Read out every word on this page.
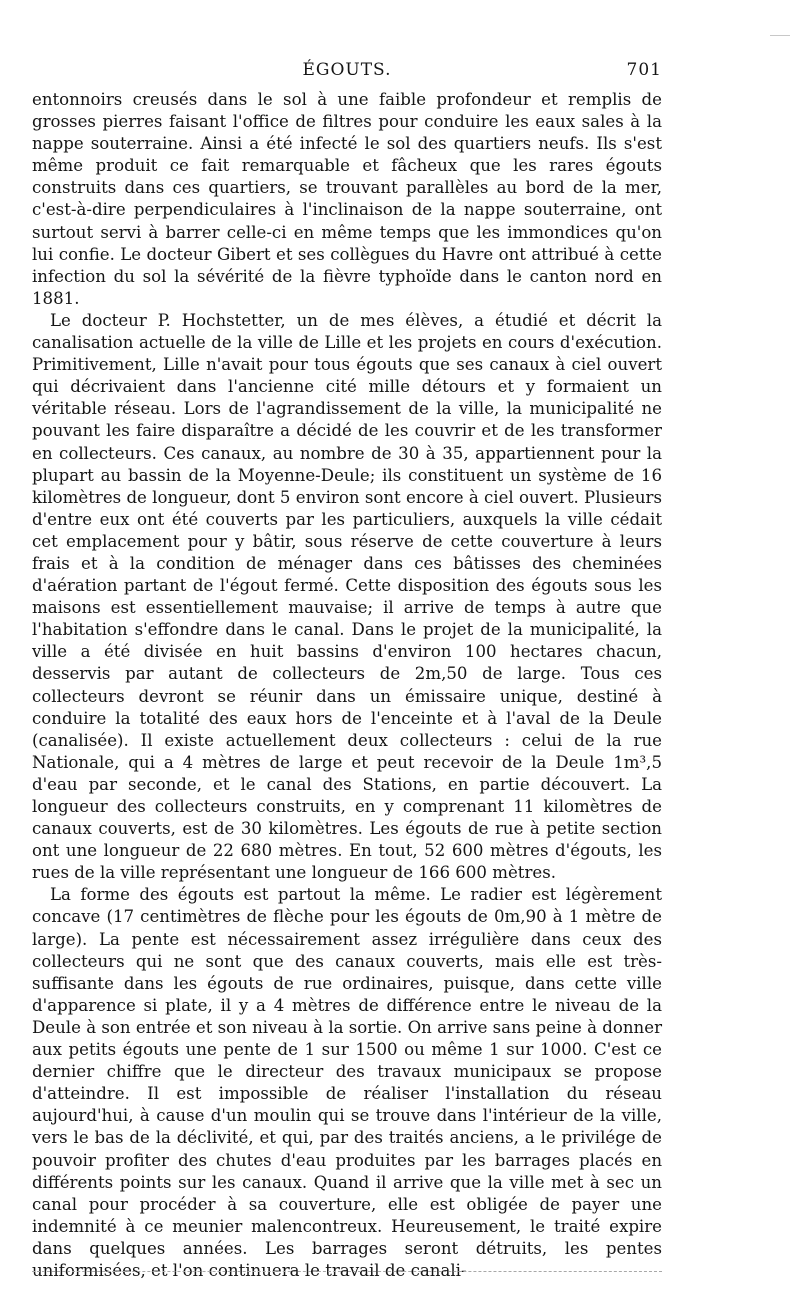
ÉGOUTS.	701

entonnoirs creusés dans le sol à une faible profondeur et remplis de grosses pierres faisant l'office de filtres pour conduire les eaux sales à la nappe souterraine. Ainsi a été infecté le sol des quartiers neufs. Ils s'est même produit ce fait remarquable et fâcheux que les rares égouts construits dans ces quartiers, se trouvant parallèles au bord de la mer, c'est-à-dire perpendiculaires à l'inclinaison de la nappe souterraine, ont surtout servi à barrer celle-ci en même temps que les immondices qu'on lui confie. Le docteur Gibert et ses collègues du Havre ont attribué à cette infection du sol la sévérité de la fièvre typhoïde dans le canton nord en 1881.

Le docteur P. Hochstetter, un de mes élèves, a étudié et décrit la canalisation actuelle de la ville de Lille et les projets en cours d'exécution. Primitivement, Lille n'avait pour tous égouts que ses canaux à ciel ouvert qui décrivaient dans l'ancienne cité mille détours et y formaient un véritable réseau. Lors de l'agrandissement de la ville, la municipalité ne pouvant les faire disparaître a décidé de les couvrir et de les transformer en collecteurs. Ces canaux, au nombre de 30 à 35, appartiennent pour la plupart au bassin de la Moyenne-Deule; ils constituent un système de 16 kilomètres de longueur, dont 5 environ sont encore à ciel ouvert. Plusieurs d'entre eux ont été couverts par les particuliers, auxquels la ville cédait cet emplacement pour y bâtir, sous réserve de cette couverture à leurs frais et à la condition de ménager dans ces bâtisses des cheminées d'aération partant de l'égout fermé. Cette disposition des égouts sous les maisons est essentiellement mauvaise; il arrive de temps à autre que l'habitation s'effondre dans le canal. Dans le projet de la municipalité, la ville a été divisée en huit bassins d'environ 100 hectares chacun, desservis par autant de collecteurs de 2m,50 de large. Tous ces collecteurs devront se réunir dans un émissaire unique, destiné à conduire la totalité des eaux hors de l'enceinte et à l'aval de la Deule (canalisée). Il existe actuellement deux collecteurs : celui de la rue Nationale, qui a 4 mètres de large et peut recevoir de la Deule 1m³,5 d'eau par seconde, et le canal des Stations, en partie découvert. La longueur des collecteurs construits, en y comprenant 11 kilomètres de canaux couverts, est de 30 kilomètres. Les égouts de rue à petite section ont une longueur de 22 680 mètres. En tout, 52 600 mètres d'égouts, les rues de la ville représentant une longueur de 166 600 mètres.

La forme des égouts est partout la même. Le radier est légèrement concave (17 centimètres de flèche pour les égouts de 0m,90 à 1 mètre de large). La pente est nécessairement assez irrégulière dans ceux des collecteurs qui ne sont que des canaux couverts, mais elle est très-suffisante dans les égouts de rue ordinaires, puisque, dans cette ville d'apparence si plate, il y a 4 mètres de différence entre le niveau de la Deule à son entrée et son niveau à la sortie. On arrive sans peine à donner aux petits égouts une pente de 1 sur 1500 ou même 1 sur 1000. C'est ce dernier chiffre que le directeur des travaux municipaux se propose d'atteindre. Il est impossible de réaliser l'installation du réseau aujourd'hui, à cause d'un moulin qui se trouve dans l'intérieur de la ville, vers le bas de la déclivité, et qui, par des traités anciens, a le privilége de pouvoir profiter des chutes d'eau produites par les barrages placés en différents points sur les canaux. Quand il arrive que la ville met à sec un canal pour procéder à sa couverture, elle est obligée de payer une indemnité à ce meunier malencontreux. Heureusement, le traité expire dans quelques années. Les barrages seront détruits, les pentes uniformisées, et l'on continuera le travail de canali-
